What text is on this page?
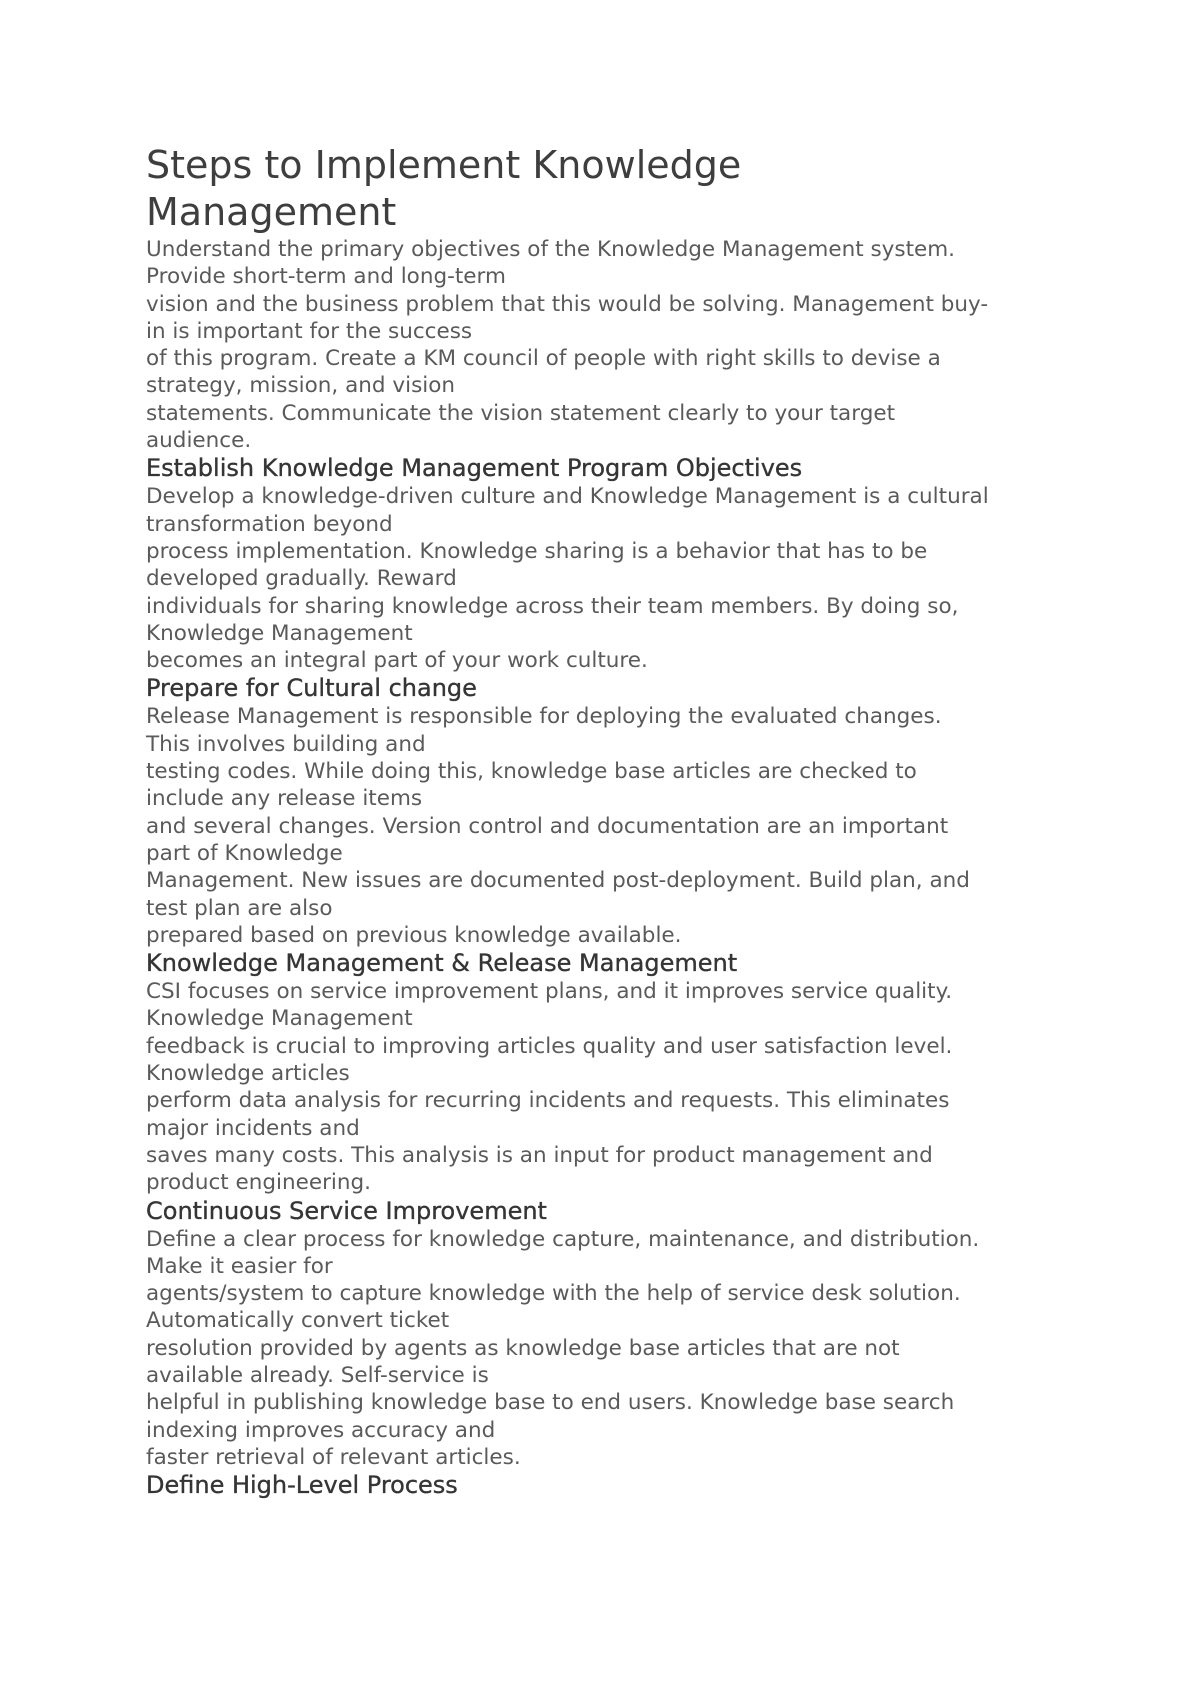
Steps to Implement Knowledge Management

Understand the primary objectives of the Knowledge Management system.
Provide short-term and long-term
vision and the business problem that this would be solving. Management buy-
in is important for the success
of this program. Create a KM council of people with right skills to devise a
strategy, mission, and vision
statements. Communicate the vision statement clearly to your target
audience.

Establish Knowledge Management Program Objectives

Develop a knowledge-driven culture and Knowledge Management is a cultural
transformation beyond
process implementation. Knowledge sharing is a behavior that has to be
developed gradually. Reward
individuals for sharing knowledge across their team members. By doing so,
Knowledge Management
becomes an integral part of your work culture.

Prepare for Cultural change

Release Management is responsible for deploying the evaluated changes.
This involves building and
testing codes. While doing this, knowledge base articles are checked to
include any release items
and several changes. Version control and documentation are an important
part of Knowledge
Management. New issues are documented post-deployment. Build plan, and
test plan are also
prepared based on previous knowledge available.

Knowledge Management & Release Management

CSI focuses on service improvement plans, and it improves service quality.
Knowledge Management
feedback is crucial to improving articles quality and user satisfaction level.
Knowledge articles
perform data analysis for recurring incidents and requests. This eliminates
major incidents and
saves many costs. This analysis is an input for product management and
product engineering.

Continuous Service Improvement

Define a clear process for knowledge capture, maintenance, and distribution.
Make it easier for
agents/system to capture knowledge with the help of service desk solution.
Automatically convert ticket
resolution provided by agents as knowledge base articles that are not
available already. Self-service is
helpful in publishing knowledge base to end users. Knowledge base search
indexing improves accuracy and
faster retrieval of relevant articles.

Define High-Level Process
